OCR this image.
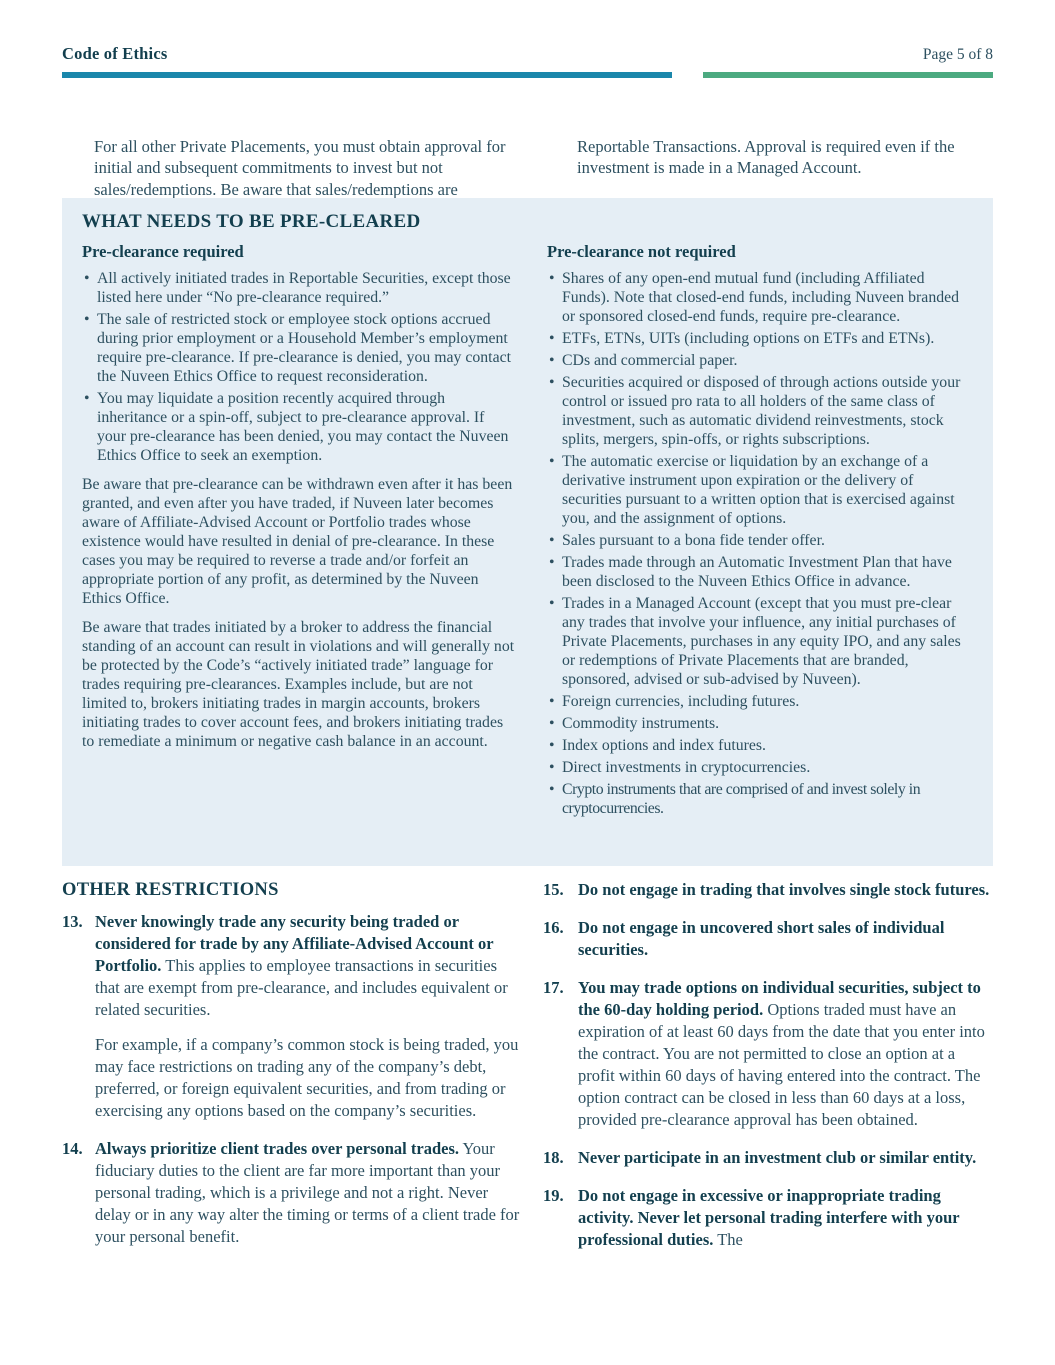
Code of Ethics	Page 5 of 8

For all other Private Placements, you must obtain approval for initial and subsequent commitments to invest but not sales/redemptions. Be aware that sales/redemptions are

Reportable Transactions. Approval is required even if the investment is made in a Managed Account.

WHAT NEEDS TO BE PRE-CLEARED
Pre-clearance required
• All actively initiated trades in Reportable Securities, except those listed here under “No pre-clearance required.”
• The sale of restricted stock or employee stock options accrued during prior employment or a Household Member’s employment require pre-clearance. If pre-clearance is denied, you may contact the Nuveen Ethics Office to request reconsideration.
• You may liquidate a position recently acquired through inheritance or a spin-off, subject to pre-clearance approval. If your pre-clearance has been denied, you may contact the Nuveen Ethics Office to seek an exemption.

Be aware that pre-clearance can be withdrawn even after it has been granted, and even after you have traded, if Nuveen later becomes aware of Affiliate-Advised Account or Portfolio trades whose existence would have resulted in denial of pre-clearance. In these cases you may be required to reverse a trade and/or forfeit an appropriate portion of any profit, as determined by the Nuveen Ethics Office.

Be aware that trades initiated by a broker to address the financial standing of an account can result in violations and will generally not be protected by the Code’s “actively initiated trade” language for trades requiring pre-clearances. Examples include, but are not limited to, brokers initiating trades in margin accounts, brokers initiating trades to cover account fees, and brokers initiating trades to remediate a minimum or negative cash balance in an account.

Pre-clearance not required
• Shares of any open-end mutual fund (including Affiliated Funds). Note that closed-end funds, including Nuveen branded or sponsored closed-end funds, require pre-clearance.
• ETFs, ETNs, UITs (including options on ETFs and ETNs).
• CDs and commercial paper.
• Securities acquired or disposed of through actions outside your control or issued pro rata to all holders of the same class of investment, such as automatic dividend reinvestments, stock splits, mergers, spin-offs, or rights subscriptions.
• The automatic exercise or liquidation by an exchange of a derivative instrument upon expiration or the delivery of securities pursuant to a written option that is exercised against you, and the assignment of options.
• Sales pursuant to a bona fide tender offer.
• Trades made through an Automatic Investment Plan that have been disclosed to the Nuveen Ethics Office in advance.
• Trades in a Managed Account (except that you must pre-clear any trades that involve your influence, any initial purchases of Private Placements, purchases in any equity IPO, and any sales or redemptions of Private Placements that are branded, sponsored, advised or sub-advised by Nuveen).
• Foreign currencies, including futures.
• Commodity instruments.
• Index options and index futures.
• Direct investments in cryptocurrencies.
• Crypto instruments that are comprised of and invest solely in cryptocurrencies.
OTHER RESTRICTIONS
13. Never knowingly trade any security being traded or considered for trade by any Affiliate-Advised Account or Portfolio. This applies to employee transactions in securities that are exempt from pre-clearance, and includes equivalent or related securities.

For example, if a company’s common stock is being traded, you may face restrictions on trading any of the company’s debt, preferred, or foreign equivalent securities, and from trading or exercising any options based on the company’s securities.

14. Always prioritize client trades over personal trades. Your fiduciary duties to the client are far more important than your personal trading, which is a privilege and not a right. Never delay or in any way alter the timing or terms of a client trade for your personal benefit.
15. Do not engage in trading that involves single stock futures.
16. Do not engage in uncovered short sales of individual securities.
17. You may trade options on individual securities, subject to the 60-day holding period. Options traded must have an expiration of at least 60 days from the date that you enter into the contract. You are not permitted to close an option at a profit within 60 days of having entered into the contract. The option contract can be closed in less than 60 days at a loss, provided pre-clearance approval has been obtained.
18. Never participate in an investment club or similar entity.
19. Do not engage in excessive or inappropriate trading activity. Never let personal trading interfere with your professional duties. The
